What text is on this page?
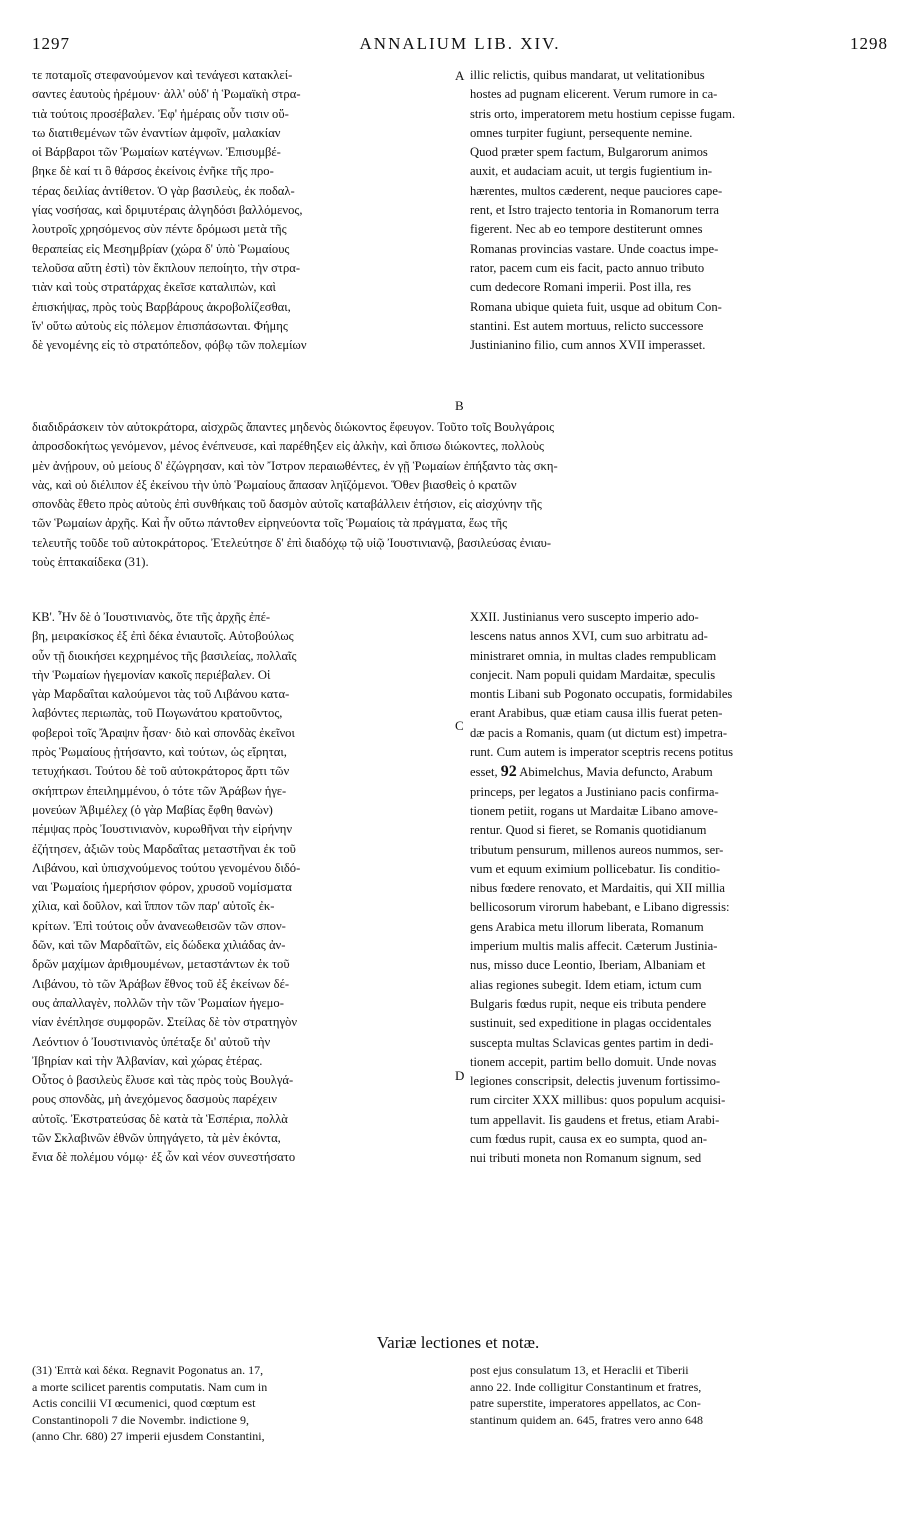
1297	ANNALIUM LIB. XIV.	1298
τε ποταμοῖς στεφανούμενον καὶ τενάγεσι κατακλεί-
σαντες ἑαυτοὺς ἠρέμουν· ἀλλ' οὐδ' ἡ Ῥωμαϊκὴ στρα-
τιὰ τούτοις προσέβαλεν. Ἐφ' ἡμέραις οὖν τισιν οὕ-
τω διατιθεμένων τῶν ἐναντίων ἀμφοῖν, μαλακίαν
οἱ Βάρβαροι τῶν Ῥωμαίων κατέγνων. Ἐπισυμβέ-
βηκε δὲ καί τι ὃ θάρσος ἐκείνοις ἐνῆκε τῆς προ-
τέρας δειλίας ἀντίθετον. Ὁ γὰρ βασιλεὺς, ἐκ ποδαλ-
γίας νοσήσας, καὶ δριμυτέραις ἀλγηδόσι βαλλόμενος,
λουτροῖς χρησόμενος σὺν πέντε δρόμωσι μετὰ τῆς
θεραπείας εἰς Μεσημβρίαν (χώρα δ' ὑπὸ Ῥωμαίους
τελοῦσα αὕτη ἐστὶ) τὸν ἔκπλουν πεποίητο, τὴν στρα-
τιὰν καὶ τοὺς στρατάρχας ἐκεῖσε καταλιπὼν, καὶ
ἐπισκήψας, πρὸς τοὺς Βαρβάρους ἀκροβολίζεσθαι,
ἵν' οὕτω αὐτοὺς εἰς πόλεμον ἐπισπάσωνται. Φήμης
illic relictis, quibus mandarat, ut velitationibus
hostes ad pugnam elicerent. Verum rumore in ca-
stris orto, imperatorem metu hostium cepisse fugam.
omnes turpiter fugiunt, persequente nemine.
Quod præter spem factum, Bulgarorum animos
auxit, et audaciam acuit, ut tergis fugientium in-
hærentes, multos cæderent, neque pauciores cape-
rent, et Istro trajecto tentoria in Romanorum terra
figerent. Nec ab eo tempore destiterunt omnes
Romanas provincias vastare. Unde coactus impe-
rator, pacem cum eis facit, pacto annuo tributo
cum dedecore Romani imperii. Post illa, res
Romana ubique quieta fuit, usque ad obitum Con-
stantini. Est autem mortuus, relicto successore
A
B
δὲ γενομένης εἰς τὸ στρατόπεδον, φόβῳ τῶν πολεμίων	Justinianino filio, cum annos XVII imperasset.
διαδιδράσκειν τὸν αὐτοκράτορα, αἰσχρῶς ἅπαντες μηδενὸς διώκοντος ἔφευγον. Τοῦτο τοῖς Βουλγάροις
ἀπροσδοκήτως γενόμενον, μένος ἐνέπνευσε, καὶ παρέθηξεν εἰς ἀλκὴν, καὶ ὄπισω διώκοντες, πολλοὺς
μὲν ἀνῄρουν, οὐ μείους δ' ἐζώγρησαν, καὶ τὸν Ἴστρον περαιωθέντες, ἐν γῇ Ῥωμαίων ἐπήξαντο τὰς σκη-
νὰς, καὶ οὐ διέλιπον ἐξ ἐκείνου τὴν ὑπὸ Ῥωμαίους ἅπασαν ληϊζόμενοι. Ὅθεν βιασθεὶς ὁ κρατῶν
σπονδὰς ἔθετο πρὸς αὐτοὺς ἐπὶ συνθήκαις τοῦ δασμὸν αὐτοῖς καταβάλλειν ἐτήσιον, εἰς αἰσχύνην τῆς
τῶν Ῥωμαίων ἀρχῆς. Καὶ ἦν οὕτω πάντοθεν εἰρηνεύοντα τοῖς Ῥωμαίοις τὰ πράγματα, ἕως τῆς
τελευτῆς τοῦδε τοῦ αὐτοκράτορος. Ἐτελεύτησε δ' ἐπὶ διαδόχῳ τῷ υἱῷ Ἰουστινιανῷ, βασιλεύσας ἐνιαυ-
τοὺς ἑπτακαίδεκα (31).
ΚΒ'. Ἦν δὲ ὁ Ἰουστινιανὸς, ὅτε τῆς ἀρχῆς ἐπέ-
βη, μειρακίσκος ἐξ ἐπὶ δέκα ἐνιαυτοῖς. Αὐτοβούλως
οὖν τῇ διοικήσει κεχρημένος τῆς βασιλείας, πολλαῖς
τὴν Ῥωμαίων ἡγεμονίαν κακοῖς περιέβαλεν. Οἱ
γὰρ Μαρδαΐται καλούμενοι τὰς τοῦ Λιβάνου κατα-
λαβόντες περιωπὰς, τοῦ Πωγωνάτου κρατοῦντος,
φοβεροὶ τοῖς Ἄραψιν ἦσαν· διὸ καὶ σπονδὰς ἐκεῖνοι
πρὸς Ῥωμαίους ᾐτήσαντο, καὶ τούτων, ὡς εἴρηται,
τετυχήκασι. Τούτου δὲ τοῦ αὐτοκράτορος ἄρτι τῶν
σκήπτρων ἐπειλημμένου, ὁ τότε τῶν Ἀράβων ἡγε-
μονεύων Ἀβιμέλεχ (ὁ γὰρ Μαβίας ἔφθη θανὼν)
πέμψας πρὸς Ἰουστινιανὸν, κυρωθῆναι τὴν εἰρήνην
ἐζήτησεν, ἀξιῶν τοὺς Μαρδαΐτας μεταστῆναι ἐκ τοῦ
Λιβάνου, καὶ ὑπισχνούμενος τούτου γενομένου διδό-
ναι Ῥωμαίοις ἡμερήσιον φόρον, χρυσοῦ νομίσματα
χίλια, καὶ δοῦλον, καὶ ἵππον τῶν παρ' αὐτοῖς ἐκ-
κρίτων. Ἐπὶ τούτοις οὖν ἀνανεωθεισῶν τῶν σπον-
δῶν, καὶ τῶν Μαρδαϊτῶν, εἰς δώδεκα χιλιάδας ἀν-
δρῶν μαχίμων ἀριθμουμένων, μεταστάντων ἐκ τοῦ
Λιβάνου, τὸ τῶν Ἀράβων ἔθνος τοῦ ἐξ ἐκείνων δέ-
ους ἀπαλλαγὲν, πολλῶν τὴν τῶν Ῥωμαίων ἡγεμο-
νίαν ἐνέπλησε συμφορῶν. Στείλας δὲ τὸν στρατηγὸν
Λεόντιον ὁ Ἰουστινιανὸς ὑπέταξε δι' αὐτοῦ τὴν
Ἰβηρίαν καὶ τὴν Ἀλβανίαν, καὶ χώρας ἑτέρας.
Οὗτος ὁ βασιλεὺς ἔλυσε καὶ τὰς πρὸς τοὺς Βουλγά-
ρους σπονδὰς, μὴ ἀνεχόμενος δασμοὺς παρέχειν
αὐτοῖς. Ἐκστρατεύσας δὲ κατὰ τὰ Ἑσπέρια, πολλὰ
τῶν Σκλαβινῶν ἐθνῶν ὑπηγάγετο, τὰ μὲν ἑκόντα,
ἔνια δὲ πολέμου νόμῳ· ἐξ ὧν καὶ νέον συνεστήσατο
XXII. Justinianus vero suscepto imperio ado-
lescens natus annos XVI, cum suo arbitratu ad-
ministraret omnia, in multas clades rempublicam
conjecit. Nam populi quidam Mardaitæ, speculis
montis Libani sub Pogonato occupatis, formidabiles
erant Arabibus, quæ etiam causa illis fuerat peten-
dæ pacis a Romanis, quam (ut dictum est) impetra-
runt. Cum autem is imperator sceptris recens potitus
esset, 92 Abimelchus, Mavia defuncto, Arabum
princeps, per legatos a Justiniano pacis confirma-
tionem petiit, rogans ut Mardaitæ Libano amove-
rentur. Quod si fieret, se Romanis quotidianum
tributum pensurum, millenos aureos nummos, ser-
vum et equum eximium pollicebatur. Iis conditio-
nibus fœdere renovato, et Mardaitis, qui XII millia
bellicosorum virorum habebant, e Libano digressis:
gens Arabica metu illorum liberata, Romanum
imperium multis malis affecit. Cæterum Justinia-
nus, misso duce Leontio, Iberiam, Albaniam et
alias regiones subegit. Idem etiam, ictum cum
Bulgaris fœdus rupit, neque eis tributa pendere
sustinuit, sed expeditione in plagas occidentales
suscepta multas Sclavicas gentes partim in dedi-
tionem accepit, partim bello domuit. Unde novas
legiones conscripsit, delectis juvenum fortissimo-
rum circiter XXX millibus: quos populum acquisi-
tum appellavit. Iis gaudens et fretus, etiam Arabi-
cum fœdus rupit, causa ex eo sumpta, quod an-
nui tributi moneta non Romanum signum, sed
C
D
Variæ lectiones et notæ.
(31) Ἑπτὰ καὶ δέκα. Regnavit Pogonatus an. 17,
a morte scilicet parentis computatis. Nam cum in
Actis concilii VI œcumenici, quod cœptum est
Constantinopoli 7 die Novembr. indictione 9,
(anno Chr. 680) 27 imperii ejusdem Constantini,
post ejus consulatum 13, et Heraclii et Tiberii
anno 22. Inde colligitur Constantinum et fratres,
patre superstite, imperatores appellatos, ac Con-
stantinum quidem an. 645, fratres vero anno 648
